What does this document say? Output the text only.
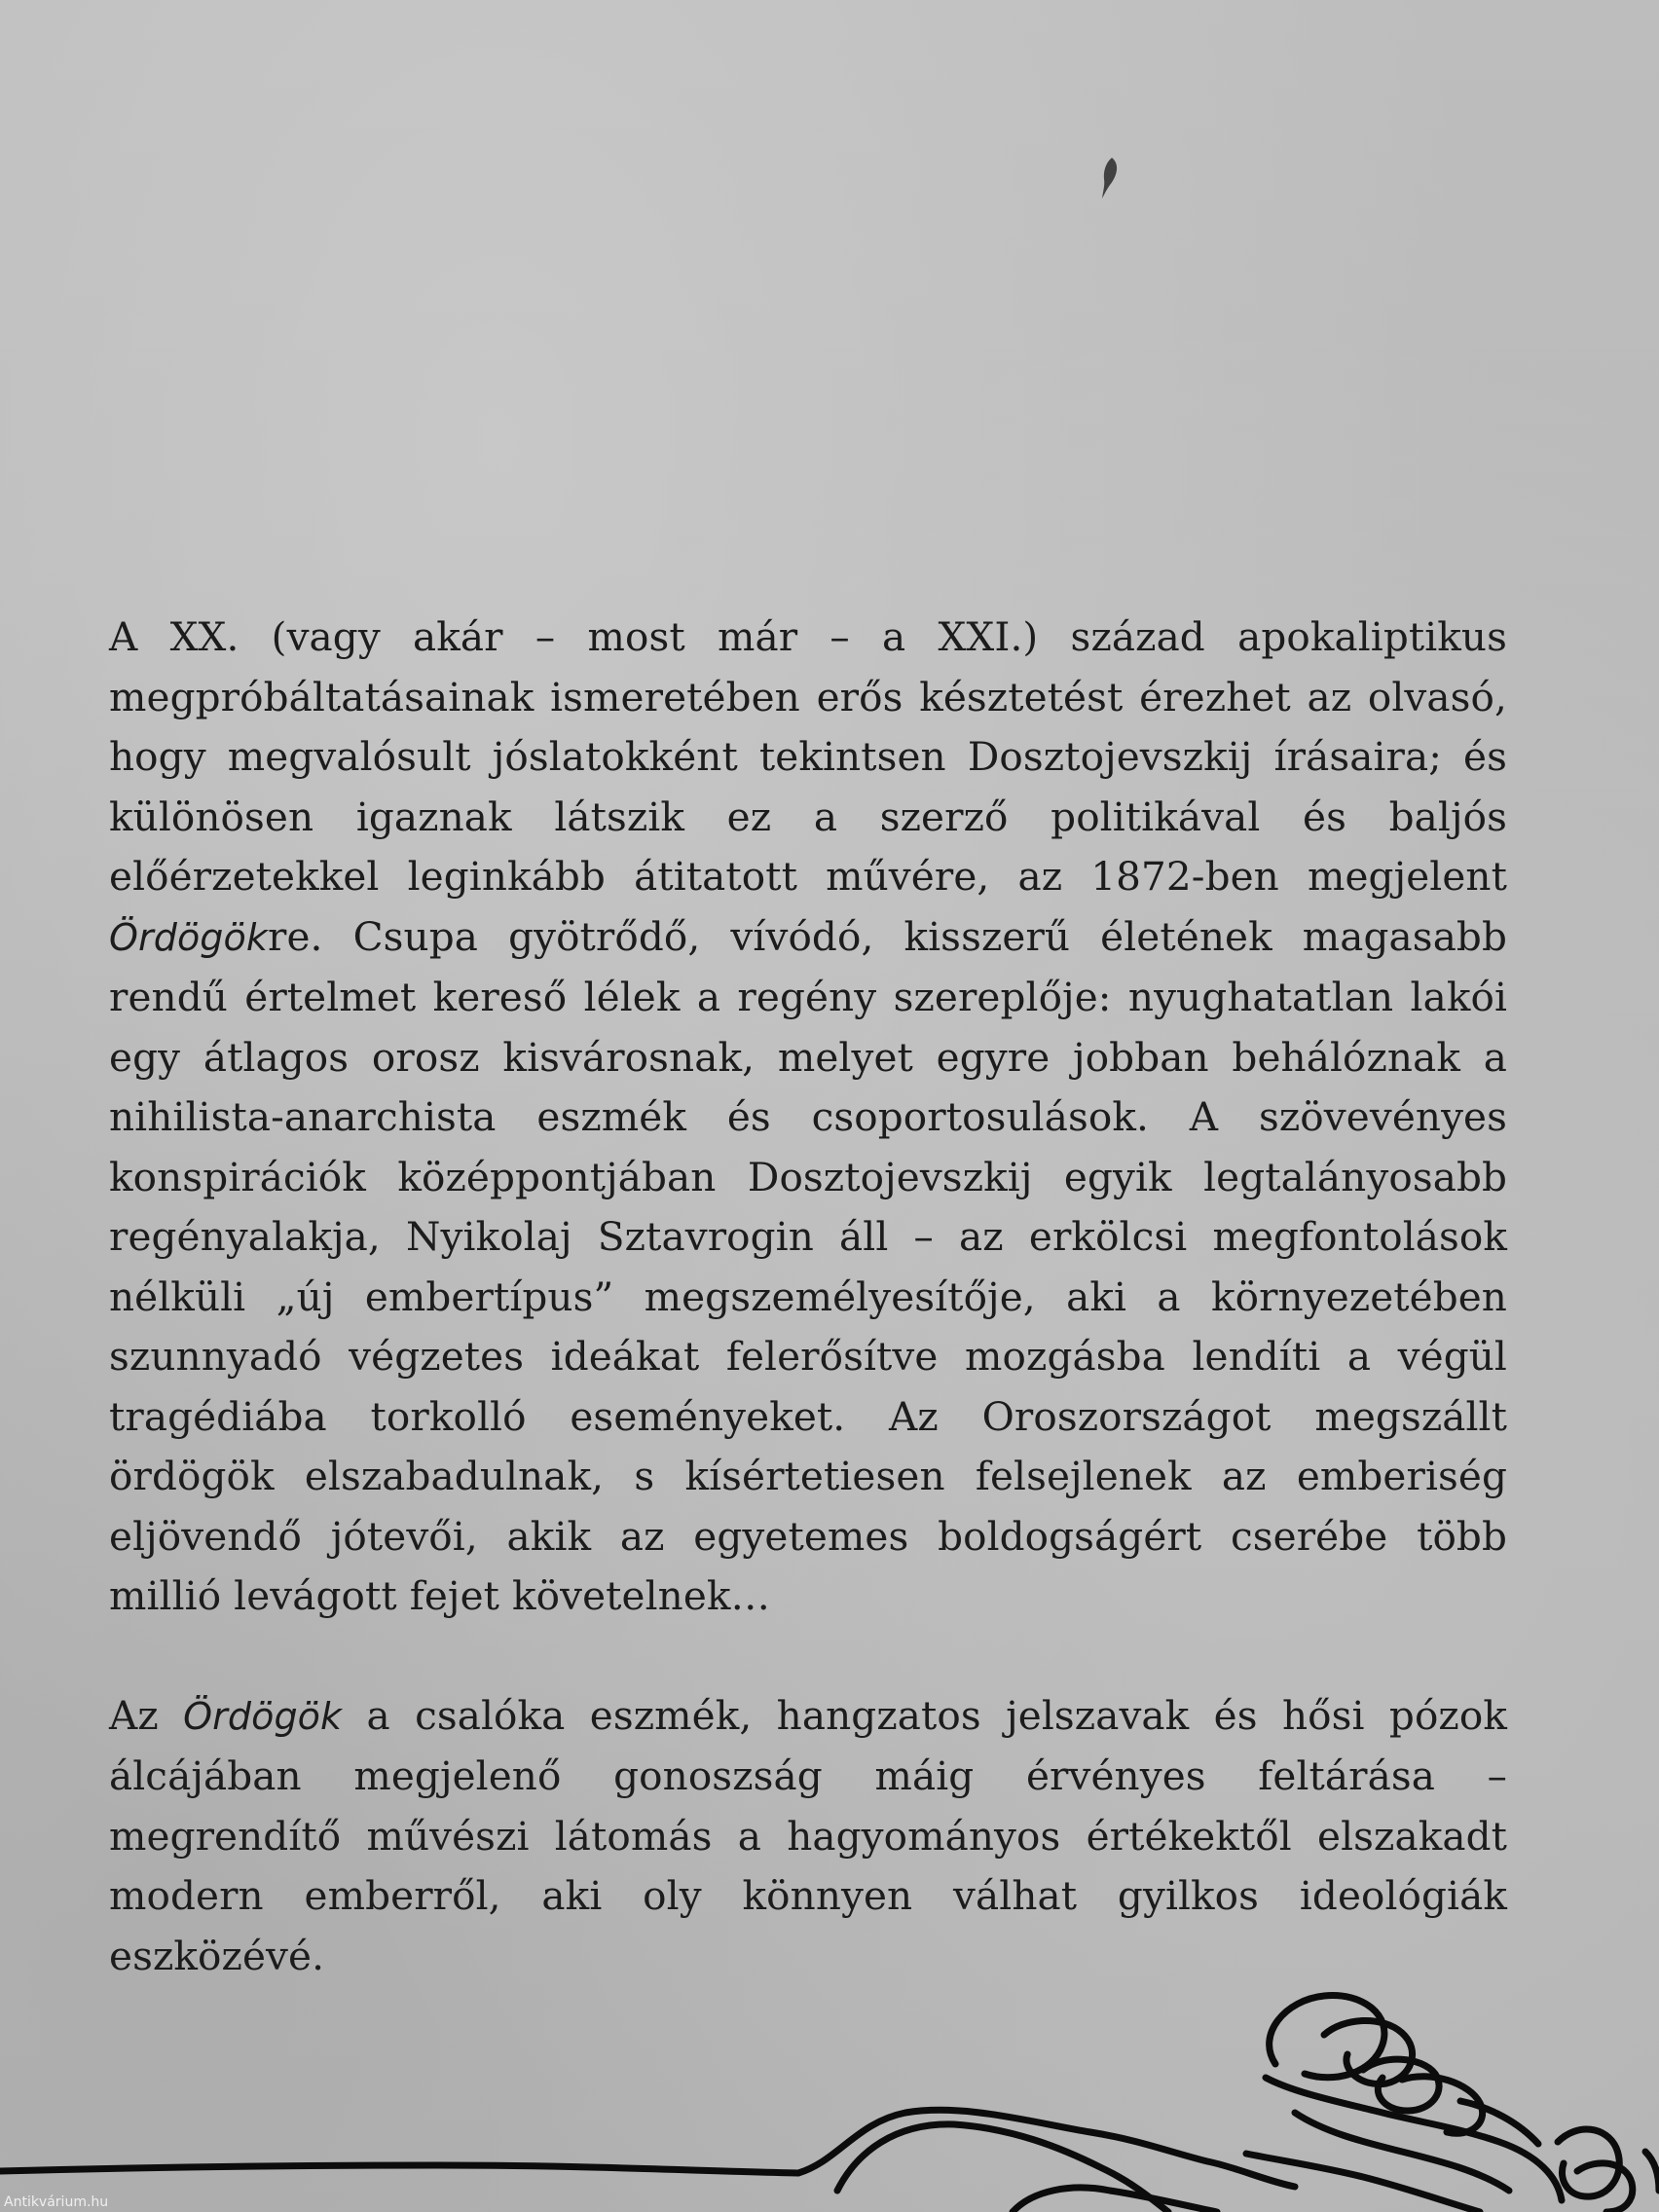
A XX. (vagy akár – most már – a XXI.) század apokaliptikus megpróbáltatásainak ismeretében erős késztetést érezhet az olvasó, hogy megvalósult jóslatokként tekintsen Dosztojevszkij írásaira; és különösen igaznak látszik ez a szerző politikával és baljós előérzetekkel leginkább átitatott művére, az 1872-ben megjelent Ördögökre. Csupa gyötrődő, vívódó, kisszerű életének magasabb rendű értelmet kereső lélek a regény szereplője: nyughatatlan lakói egy átlagos orosz kisvárosnak, melyet egyre jobban behálóznak a nihilista-anarchista eszmék és csoportosulások. A szövevényes konspirációk középpontjában Dosztojevszkij egyik legtalányosabb regényalakja, Nyikolaj Sztavrogin áll – az erkölcsi megfontolások nélküli „új embertípus” megszemélyesítője, aki a környezetében szunnyadó végzetes ideákat felerősítve mozgásba lendíti a végül tragédiába torkolló eseményeket. Az Oroszországot megszállt ördögök elszabadulnak, s kísértetiesen felsejlenek az emberiség eljövendő jótevői, akik az egyetemes boldogságért cserébe több millió levágott fejet követelnek…

Az Ördögök a csalóka eszmék, hangzatos jelszavak és hősi pózok álcájában megjelenő gonoszság máig érvényes feltárása – megrendítő művészi látomás a hagyományos értékektől elszakadt modern emberről, aki oly könnyen válhat gyilkos ideológiák eszközévé.

Antikvárium.hu
